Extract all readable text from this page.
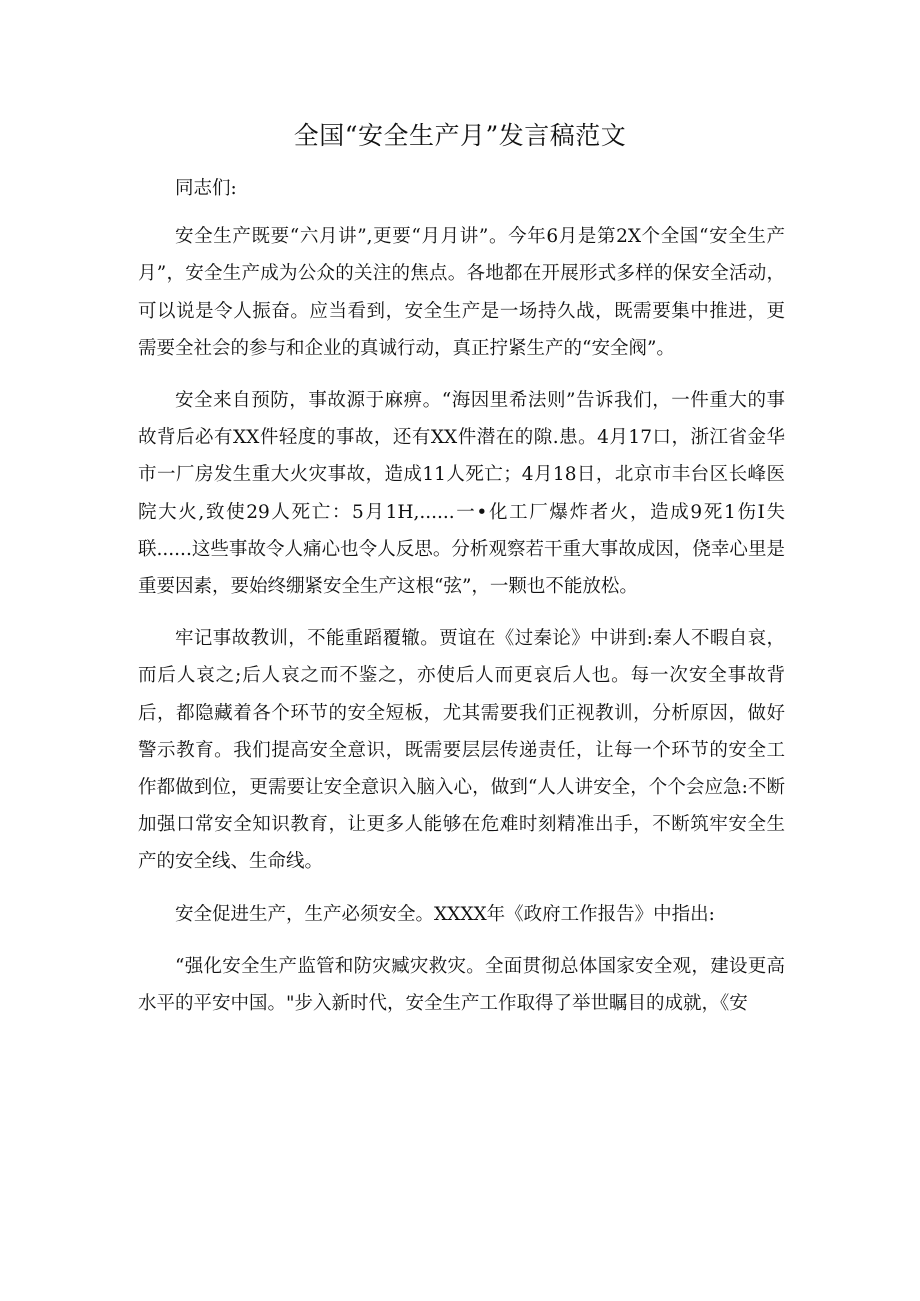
全国“安全生产月”发言稿范文

同志们:

安全生产既要“六月讲”,更要“月月讲”。今年6月是第2X个全国“安全生产月”，安全生产成为公众的关注的焦点。各地都在开展形式多样的保安全活动，可以说是令人振奋。应当看到，安全生产是一场持久战，既需要集中推进，更需要全社会的参与和企业的真诚行动，真正拧紧生产的“安全阀”。

安全来自预防，事故源于麻痹。“海因里希法则”告诉我们，一件重大的事故背后必有XX件轻度的事故，还有XX件潜在的隙.患。4月17口，浙江省金华市一厂房发生重大火灾事故，造成11人死亡；4月18日，北京市丰台区长峰医院大火,致使29人死亡：5月1H,......一•化工厂爆炸者火，造成9死1伤I失联......这些事故令人痛心也令人反思。分析观察若干重大事故成因，侥幸心里是重要因素，要始终绷紧安全生产这根“弦”，一颗也不能放松。

牢记事故教训，不能重蹈覆辙。贾谊在《过秦论》中讲到:秦人不暇自哀，而后人哀之;后人哀之而不鉴之，亦使后人而更哀后人也。每一次安全事故背后，都隐藏着各个环节的安全短板，尤其需要我们正视教训，分析原因，做好警示教育。我们提高安全意识，既需要层层传递责任，让每一个环节的安全工作都做到位，更需要让安全意识入脑入心，做到“人人讲安全，个个会应急:不断加强口常安全知识教育，让更多人能够在危难时刻精准出手，不断筑牢安全生产的安全线、生命线。

安全促进生产，生产必须安全。XXXX年《政府工作报告》中指出:

“强化安全生产监管和防灾臧灾救灾。全面贯彻总体国家安全观，建设更高水平的平安中国。"步入新时代，安全生产工作取得了举世瞩目的成就，《安
